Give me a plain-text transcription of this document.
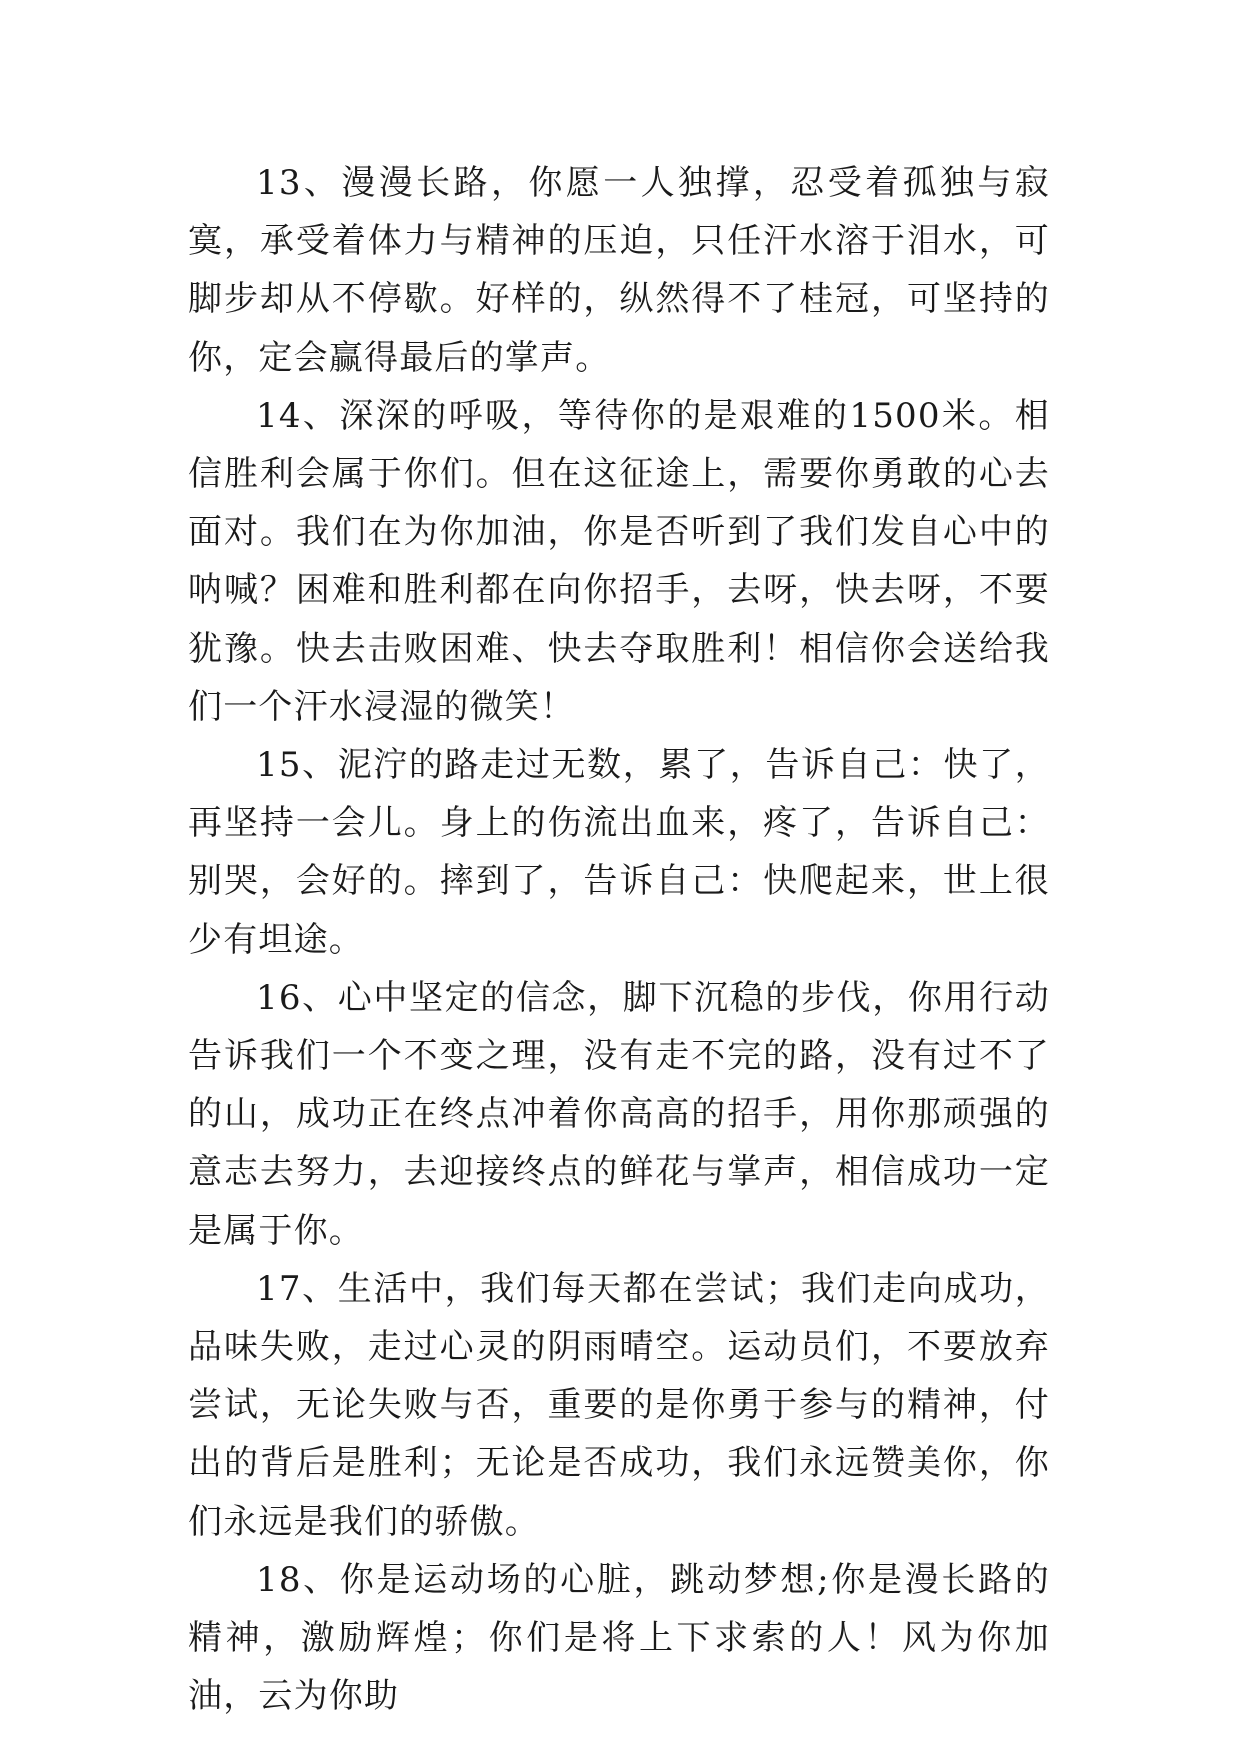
13、漫漫长路，你愿一人独撑，忍受着孤独与寂寞，承受着体力与精神的压迫，只任汗水溶于泪水，可脚步却从不停歇。好样的，纵然得不了桂冠，可坚持的你，定会赢得最后的掌声。

14、深深的呼吸，等待你的是艰难的1500米。相信胜利会属于你们。但在这征途上，需要你勇敢的心去面对。我们在为你加油，你是否听到了我们发自心中的呐喊？困难和胜利都在向你招手，去呀，快去呀，不要犹豫。快去击败困难、快去夺取胜利！相信你会送给我们一个汗水浸湿的微笑！

15、泥泞的路走过无数，累了，告诉自己：快了，再坚持一会儿。身上的伤流出血来，疼了，告诉自己：别哭，会好的。摔到了，告诉自己：快爬起来，世上很少有坦途。

16、心中坚定的信念，脚下沉稳的步伐，你用行动告诉我们一个不变之理，没有走不完的路，没有过不了的山，成功正在终点冲着你高高的招手，用你那顽强的意志去努力，去迎接终点的鲜花与掌声，相信成功一定是属于你。

17、生活中，我们每天都在尝试；我们走向成功，品味失败，走过心灵的阴雨晴空。运动员们，不要放弃尝试，无论失败与否，重要的是你勇于参与的精神，付出的背后是胜利；无论是否成功，我们永远赞美你，你们永远是我们的骄傲。

18、你是运动场的心脏，跳动梦想;你是漫长路的精神，激励辉煌；你们是将上下求索的人！风为你加油，云为你助
